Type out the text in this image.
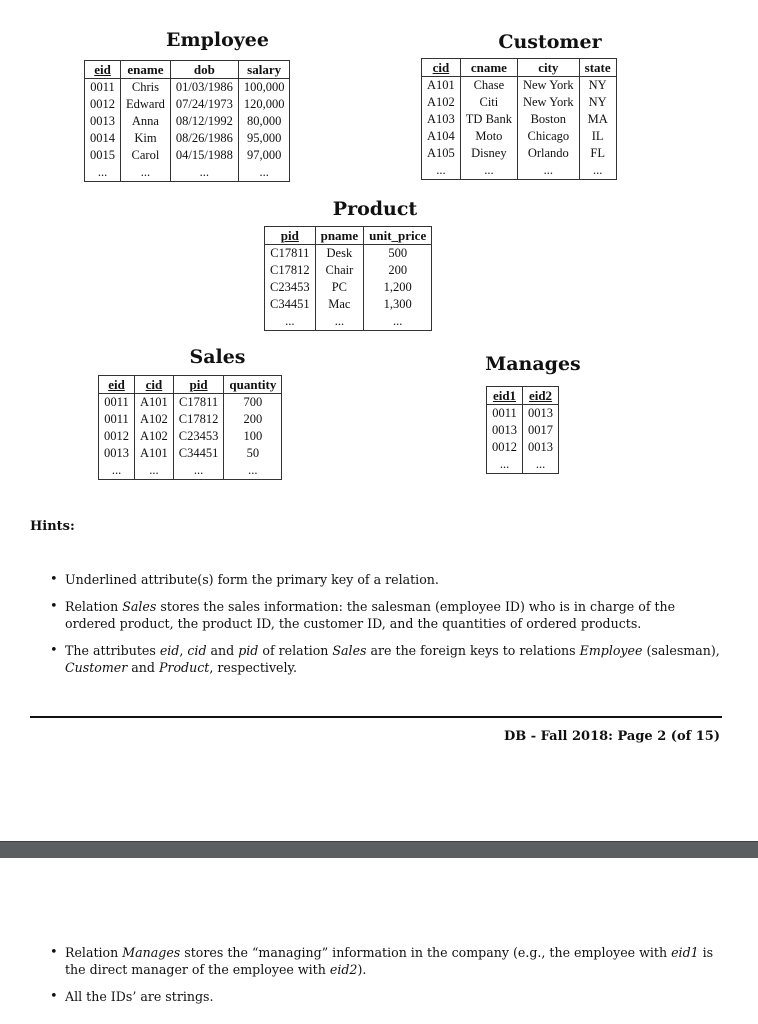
Employee
eid	ename	dob	salary
0011	Chris	01/03/1986	100,000
0012	Edward	07/24/1973	120,000
0013	Anna	08/12/1992	80,000
0014	Kim	08/26/1986	95,000
0015	Carol	04/15/1988	97,000
...	...	...	...
Customer
cid	cname	city	state
A101	Chase	New York	NY
A102	Citi	New York	NY
A103	TD Bank	Boston	MA
A104	Moto	Chicago	IL
A105	Disney	Orlando	FL
...	...	...	...
Product
pid	pname	unit_price
C17811	Desk	500
C17812	Chair	200
C23453	PC	1,200
C34451	Mac	1,300
...	...	...
Sales
eid	cid	pid	quantity
0011	A101	C17811	700
0011	A102	C17812	200
0012	A102	C23453	100
0013	A101	C34451	50
...	...	...	...
Manages
eid1	eid2
0011	0013
0013	0017
0012	0013
...	...
Hints:
• Underlined attribute(s) form the primary key of a relation.
• Relation Sales stores the sales information: the salesman (employee ID) who is in charge of the ordered product, the product ID, the customer ID, and the quantities of ordered products.
• The attributes eid, cid and pid of relation Sales are the foreign keys to relations Employee (salesman), Customer and Product, respectively.
DB - Fall 2018: Page 2 (of 15)
• Relation Manages stores the “managing” information in the company (e.g., the employee with eid1 is the direct manager of the employee with eid2).
• All the IDs’ are strings.
